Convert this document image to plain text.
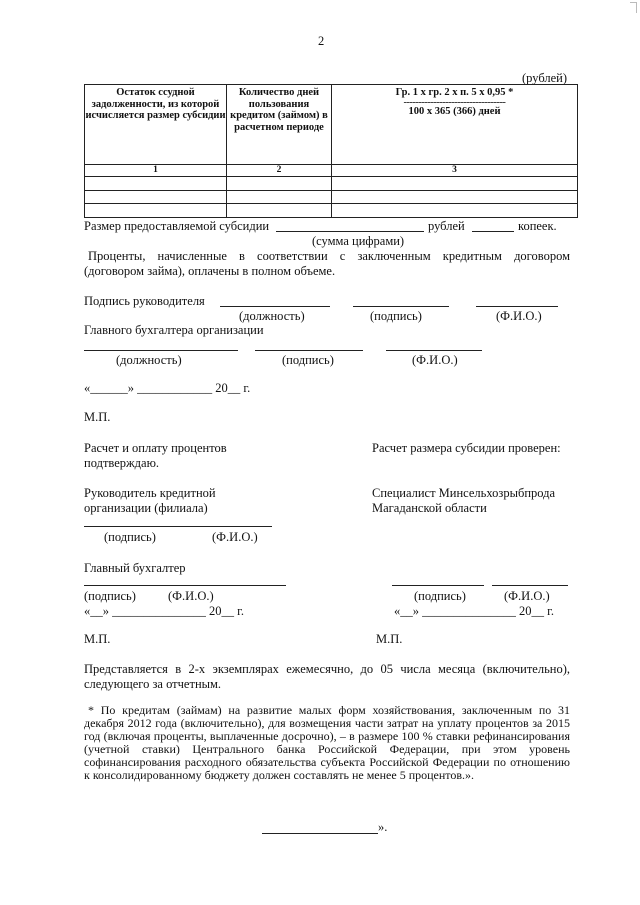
2
(рублей)
Остаток ссудной задолженности, из которой исчисляется размер субсидии	Количество дней пользования кредитом (займом) в расчетном периоде	Гр. 1 х гр. 2 х п. 5 х 0,95 *
----------------------------------
100 х 365 (366) дней

1	2	3

Размер предоставляемой субсидии	рублей	копеек.
(сумма цифрами)
Проценты, начисленные в соответствии с заключенным кредитным договором (договором займа), оплачены в полном объеме.
Подпись руководителя
(должность)	(подпись)	(Ф.И.О.)
Главного бухгалтера организации
(должность)	(подпись)	(Ф.И.О.)
«______» ____________ 20__ г.
М.П.
Расчет и оплату процентов
подтверждаю.
Расчет размера субсидии проверен:
Руководитель кредитной
организации (филиала)
Специалист Минсельхозрыбпрода
Магаданской области
(подпись)	(Ф.И.О.)
Главный бухгалтер
(подпись)	(Ф.И.О.)
«__» _______________ 20__ г.
(подпись)	(Ф.И.О.)
«__» _______________ 20__ г.
М.П.	М.П.
Представляется в 2-х экземплярах ежемесячно, до 05 числа месяца (включительно), следующего за отчетным.
* По кредитам (займам) на развитие малых форм хозяйствования, заключенным по 31 декабря 2012 года (включительно), для возмещения части затрат на уплату процентов за 2015 год (включая проценты, выплаченные досрочно), – в размере 100 % ставки рефинансирования (учетной ставки) Центрального банка Российской Федерации, при этом уровень софинансирования расходного обязательства субъекта Российской Федерации по отношению к консолидированному бюджету должен составлять не менее 5 процентов.».
».
